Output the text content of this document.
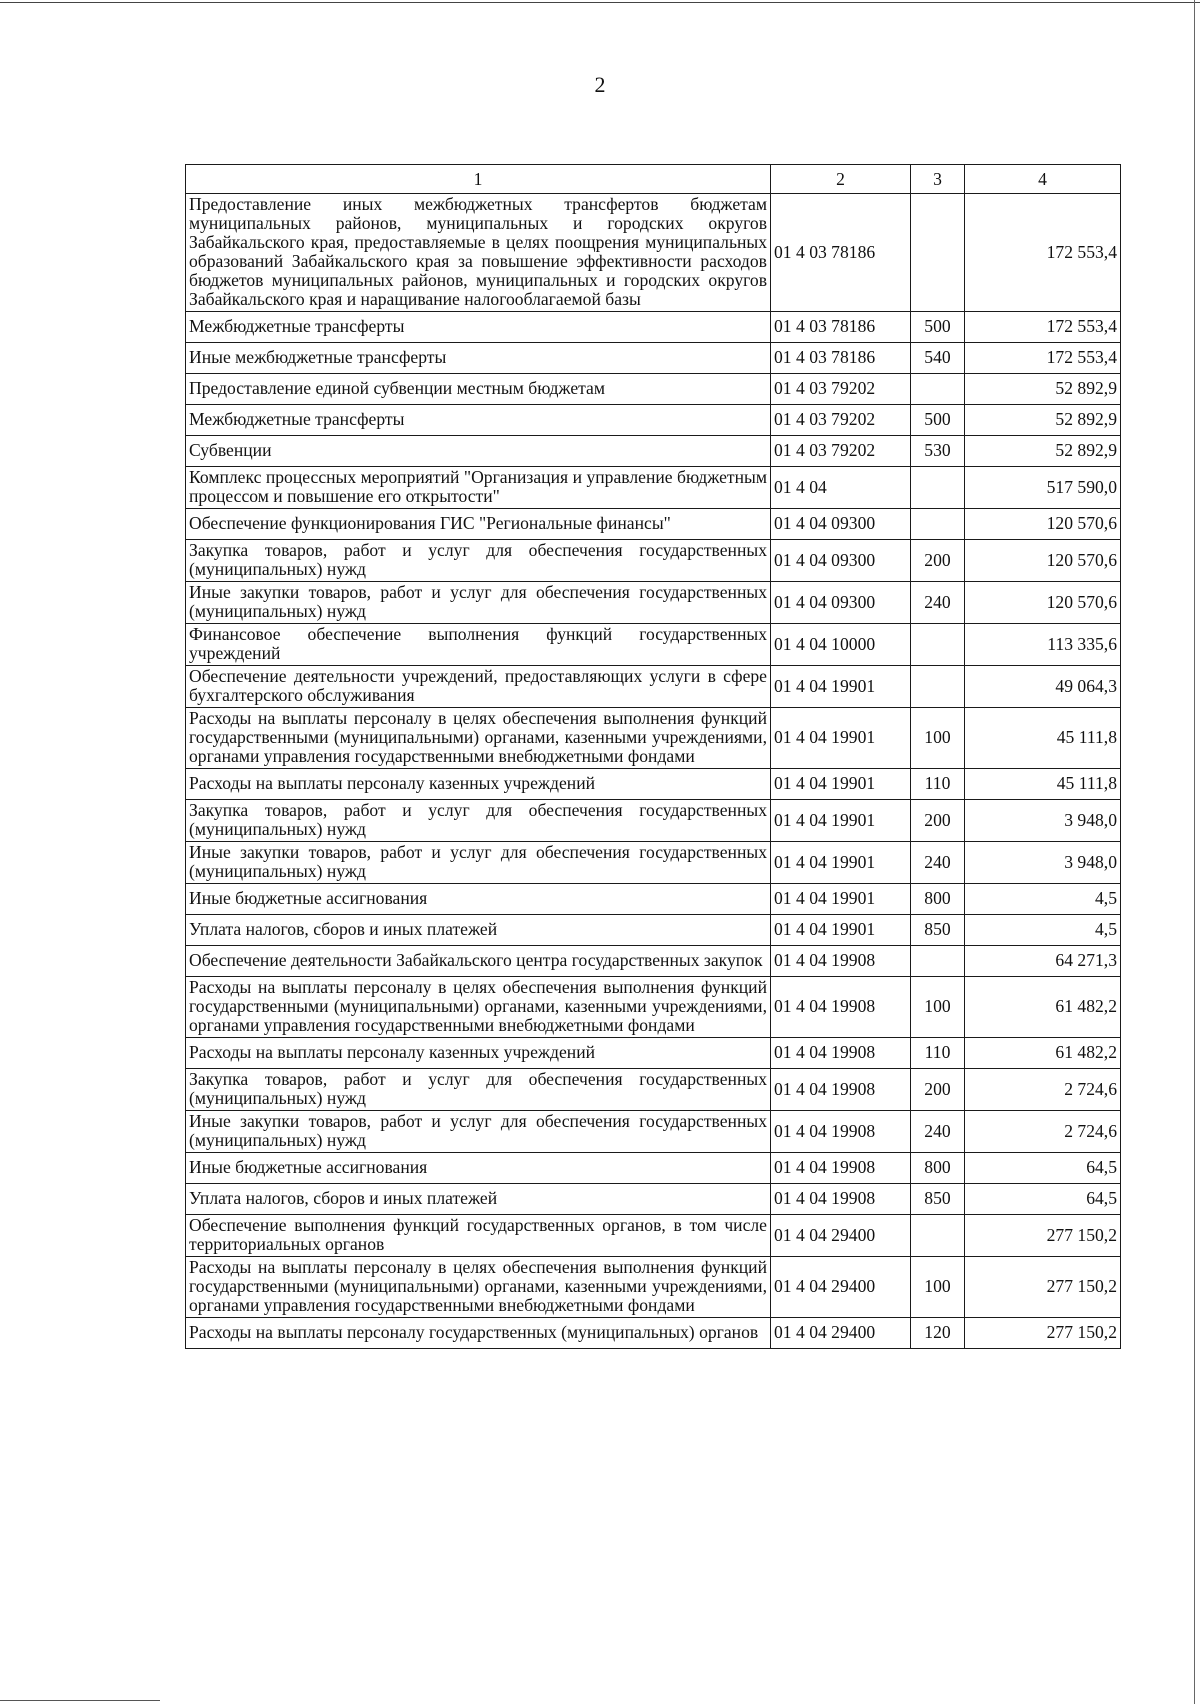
2
1	2	3	4
Предоставление иных межбюджетных трансфертов бюджетам муниципальных районов, муниципальных и городских округов Забайкальского края, предоставляемые в целях поощрения муниципальных образований Забайкальского края за повышение эффективности расходов бюджетов муниципальных районов, муниципальных и городских округов Забайкальского края и наращивание налогооблагаемой базы	01 4 03 78186		172 553,4
Межбюджетные трансферты	01 4 03 78186	500	172 553,4
Иные межбюджетные трансферты	01 4 03 78186	540	172 553,4
Предоставление единой субвенции местным бюджетам	01 4 03 79202		52 892,9
Межбюджетные трансферты	01 4 03 79202	500	52 892,9
Субвенции	01 4 03 79202	530	52 892,9
Комплекс процессных мероприятий "Организация и управление бюджетным процессом и повышение его открытости"	01 4 04		517 590,0
Обеспечение функционирования ГИС "Региональные финансы"	01 4 04 09300		120 570,6
Закупка товаров, работ и услуг для обеспечения государственных (муниципальных) нужд	01 4 04 09300	200	120 570,6
Иные закупки товаров, работ и услуг для обеспечения государственных (муниципальных) нужд	01 4 04 09300	240	120 570,6
Финансовое обеспечение выполнения функций государственных учреждений	01 4 04 10000		113 335,6
Обеспечение деятельности учреждений, предоставляющих услуги в сфере бухгалтерского обслуживания	01 4 04 19901		49 064,3
Расходы на выплаты персоналу в целях обеспечения выполнения функций государственными (муниципальными) органами, казенными учреждениями, органами управления государственными внебюджетными фондами	01 4 04 19901	100	45 111,8
Расходы на выплаты персоналу казенных учреждений	01 4 04 19901	110	45 111,8
Закупка товаров, работ и услуг для обеспечения государственных (муниципальных) нужд	01 4 04 19901	200	3 948,0
Иные закупки товаров, работ и услуг для обеспечения государственных (муниципальных) нужд	01 4 04 19901	240	3 948,0
Иные бюджетные ассигнования	01 4 04 19901	800	4,5
Уплата налогов, сборов и иных платежей	01 4 04 19901	850	4,5
Обеспечение деятельности Забайкальского центра государственных закупок	01 4 04 19908		64 271,3
Расходы на выплаты персоналу в целях обеспечения выполнения функций государственными (муниципальными) органами, казенными учреждениями, органами управления государственными внебюджетными фондами	01 4 04 19908	100	61 482,2
Расходы на выплаты персоналу казенных учреждений	01 4 04 19908	110	61 482,2
Закупка товаров, работ и услуг для обеспечения государственных (муниципальных) нужд	01 4 04 19908	200	2 724,6
Иные закупки товаров, работ и услуг для обеспечения государственных (муниципальных) нужд	01 4 04 19908	240	2 724,6
Иные бюджетные ассигнования	01 4 04 19908	800	64,5
Уплата налогов, сборов и иных платежей	01 4 04 19908	850	64,5
Обеспечение выполнения функций государственных органов, в том числе территориальных органов	01 4 04 29400		277 150,2
Расходы на выплаты персоналу в целях обеспечения выполнения функций государственными (муниципальными) органами, казенными учреждениями, органами управления государственными внебюджетными фондами	01 4 04 29400	100	277 150,2
Расходы на выплаты персоналу государственных (муниципальных) органов	01 4 04 29400	120	277 150,2
